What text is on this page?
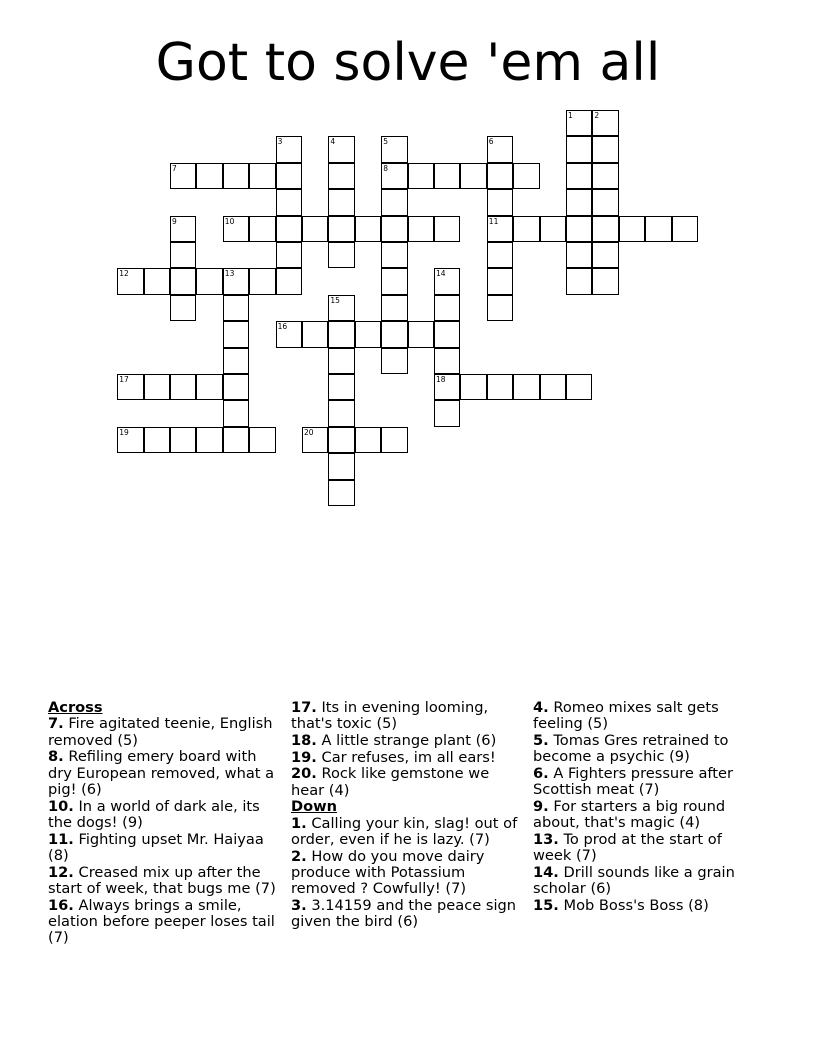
Got to solve 'em all
1	2
3	4	5	6
7	8
9	10	11
12	13	14
15
16
17	18
19	20
Across
7. Fire agitated teenie, English removed (5)
8. Refiling emery board with dry European removed, what a pig! (6)
10. In a world of dark ale, its the dogs! (9)
11. Fighting upset Mr. Haiyaa (8)
12. Creased mix up after the start of week, that bugs me (7)
16. Always brings a smile, elation before peeper loses tail (7)
17. Its in evening looming, that's toxic (5)
18. A little strange plant (6)
19. Car refuses, im all ears!
20. Rock like gemstone we hear (4)
Down
1. Calling your kin, slag! out of order, even if he is lazy. (7)
2. How do you move dairy produce with Potassium removed ? Cowfully! (7)
3. 3.14159 and the peace sign given the bird (6)
4. Romeo mixes salt gets feeling (5)
5. Tomas Gres retrained to become a psychic (9)
6. A Fighters pressure after Scottish meat (7)
9. For starters a big round about, that's magic (4)
13. To prod at the start of week (7)
14. Drill sounds like a grain scholar (6)
15. Mob Boss's Boss (8)
